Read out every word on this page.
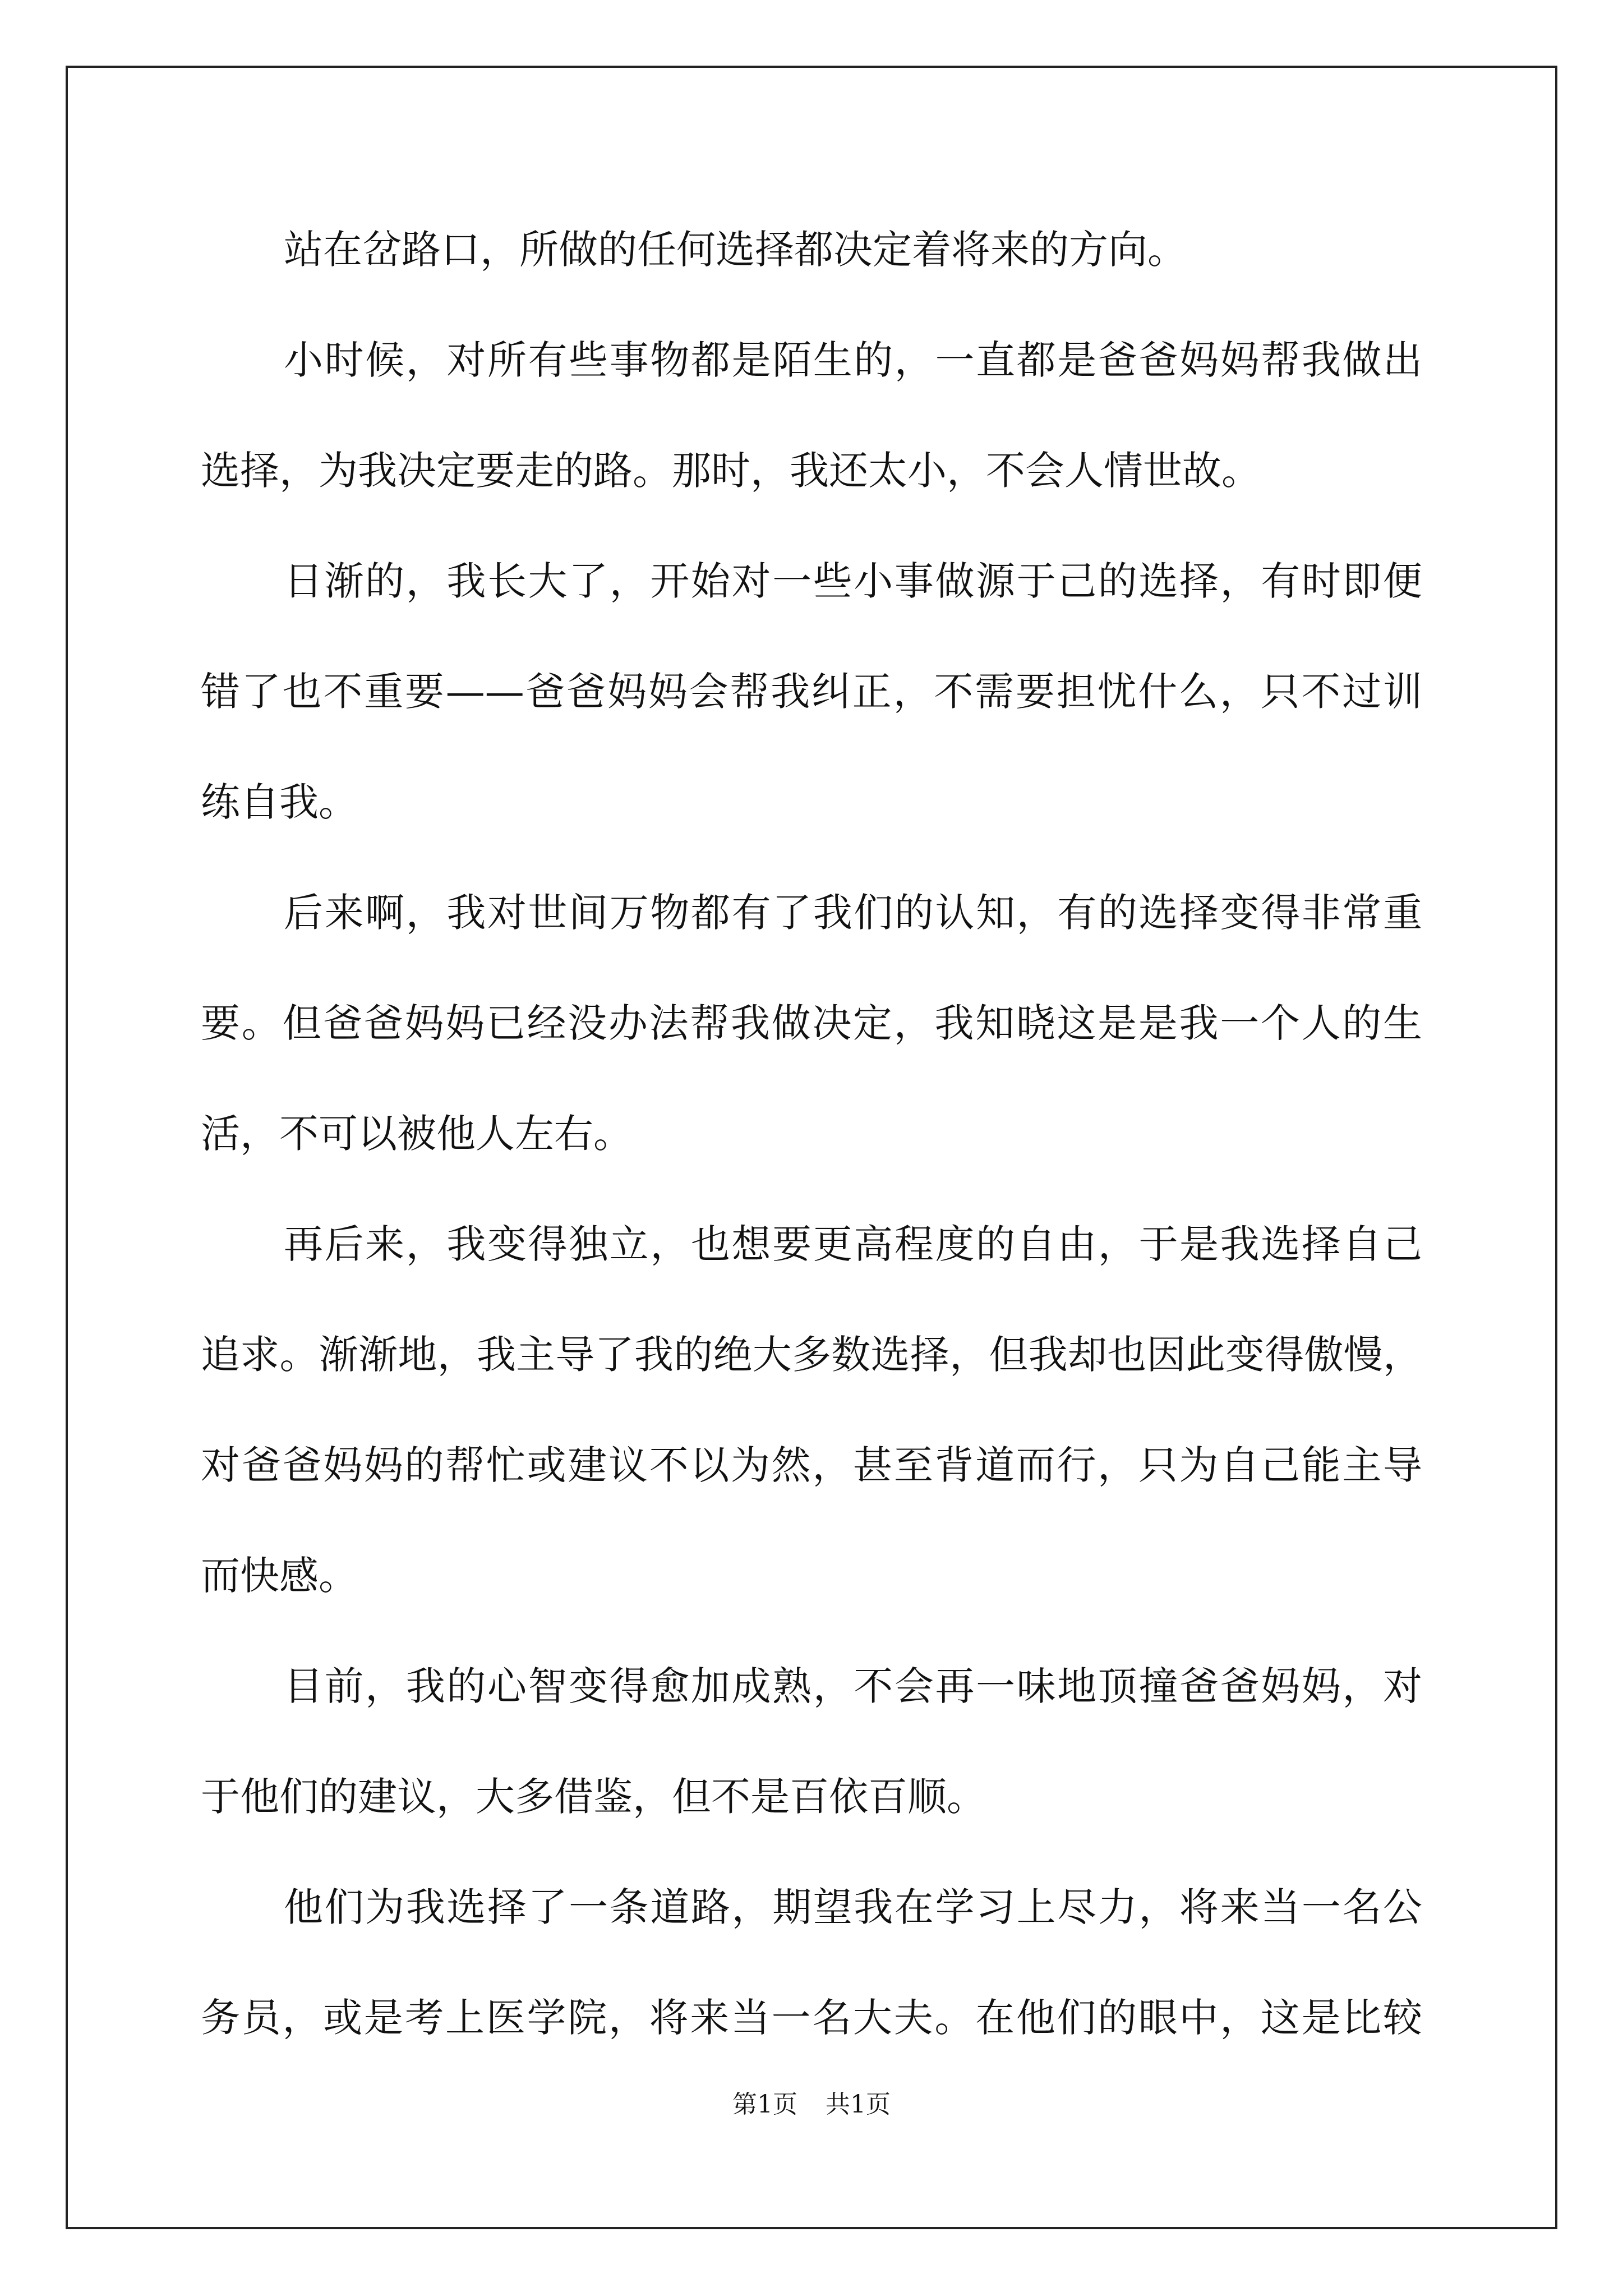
站在岔路口，所做的任何选择都决定着将来的方向。
小时候，对所有些事物都是陌生的，一直都是爸爸妈妈帮我做出
选择，为我决定要走的路。那时，我还太小，不会人情世故。
日渐的，我长大了，开始对一些小事做源于己的选择，有时即便
错了也不重要——爸爸妈妈会帮我纠正，不需要担忧什么，只不过训
练自我。
后来啊，我对世间万物都有了我们的认知，有的选择变得非常重
要。但爸爸妈妈已经没办法帮我做决定，我知晓这是是我一个人的生
活，不可以被他人左右。
再后来，我变得独立，也想要更高程度的自由，于是我选择自己
追求。渐渐地，我主导了我的绝大多数选择，但我却也因此变得傲慢，
对爸爸妈妈的帮忙或建议不以为然，甚至背道而行，只为自己能主导
而快感。
目前，我的心智变得愈加成熟，不会再一味地顶撞爸爸妈妈，对
于他们的建议，大多借鉴，但不是百依百顺。
他们为我选择了一条道路，期望我在学习上尽力，将来当一名公
务员，或是考上医学院，将来当一名大夫。在他们的眼中，这是比较
第1页 共1页
